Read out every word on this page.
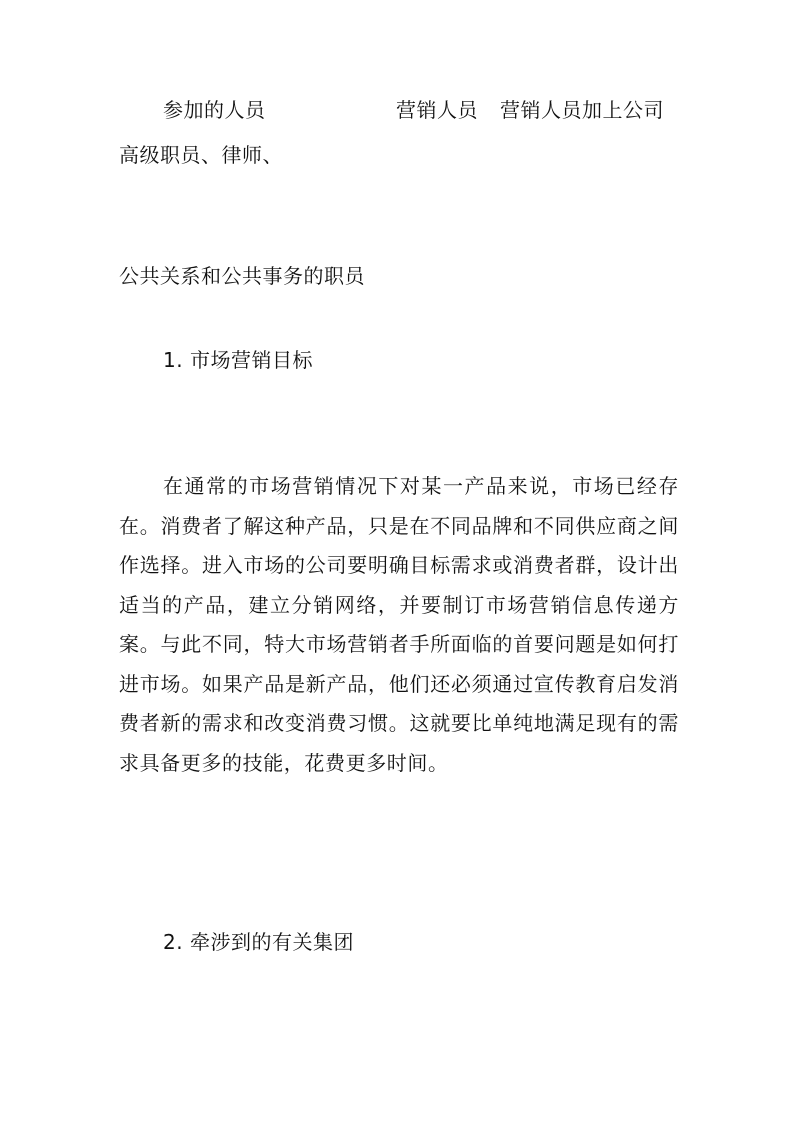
参加的人员	营销人员 营销人员加上公司
高级职员、律师、
公共关系和公共事务的职员
1. 市场营销目标

在通常的市场营销情况下对某一产品来说，市场已经存在。消费者了解这种产品，只是在不同品牌和不同供应商之间作选择。进入市场的公司要明确目标需求或消费者群，设计出适当的产品，建立分销网络，并要制订市场营销信息传递方案。与此不同，特大市场营销者手所面临的首要问题是如何打进市场。如果产品是新产品，他们还必须通过宣传教育启发消费者新的需求和改变消费习惯。这就要比单纯地满足现有的需求具备更多的技能，花费更多时间。

2. 牵涉到的有关集团
